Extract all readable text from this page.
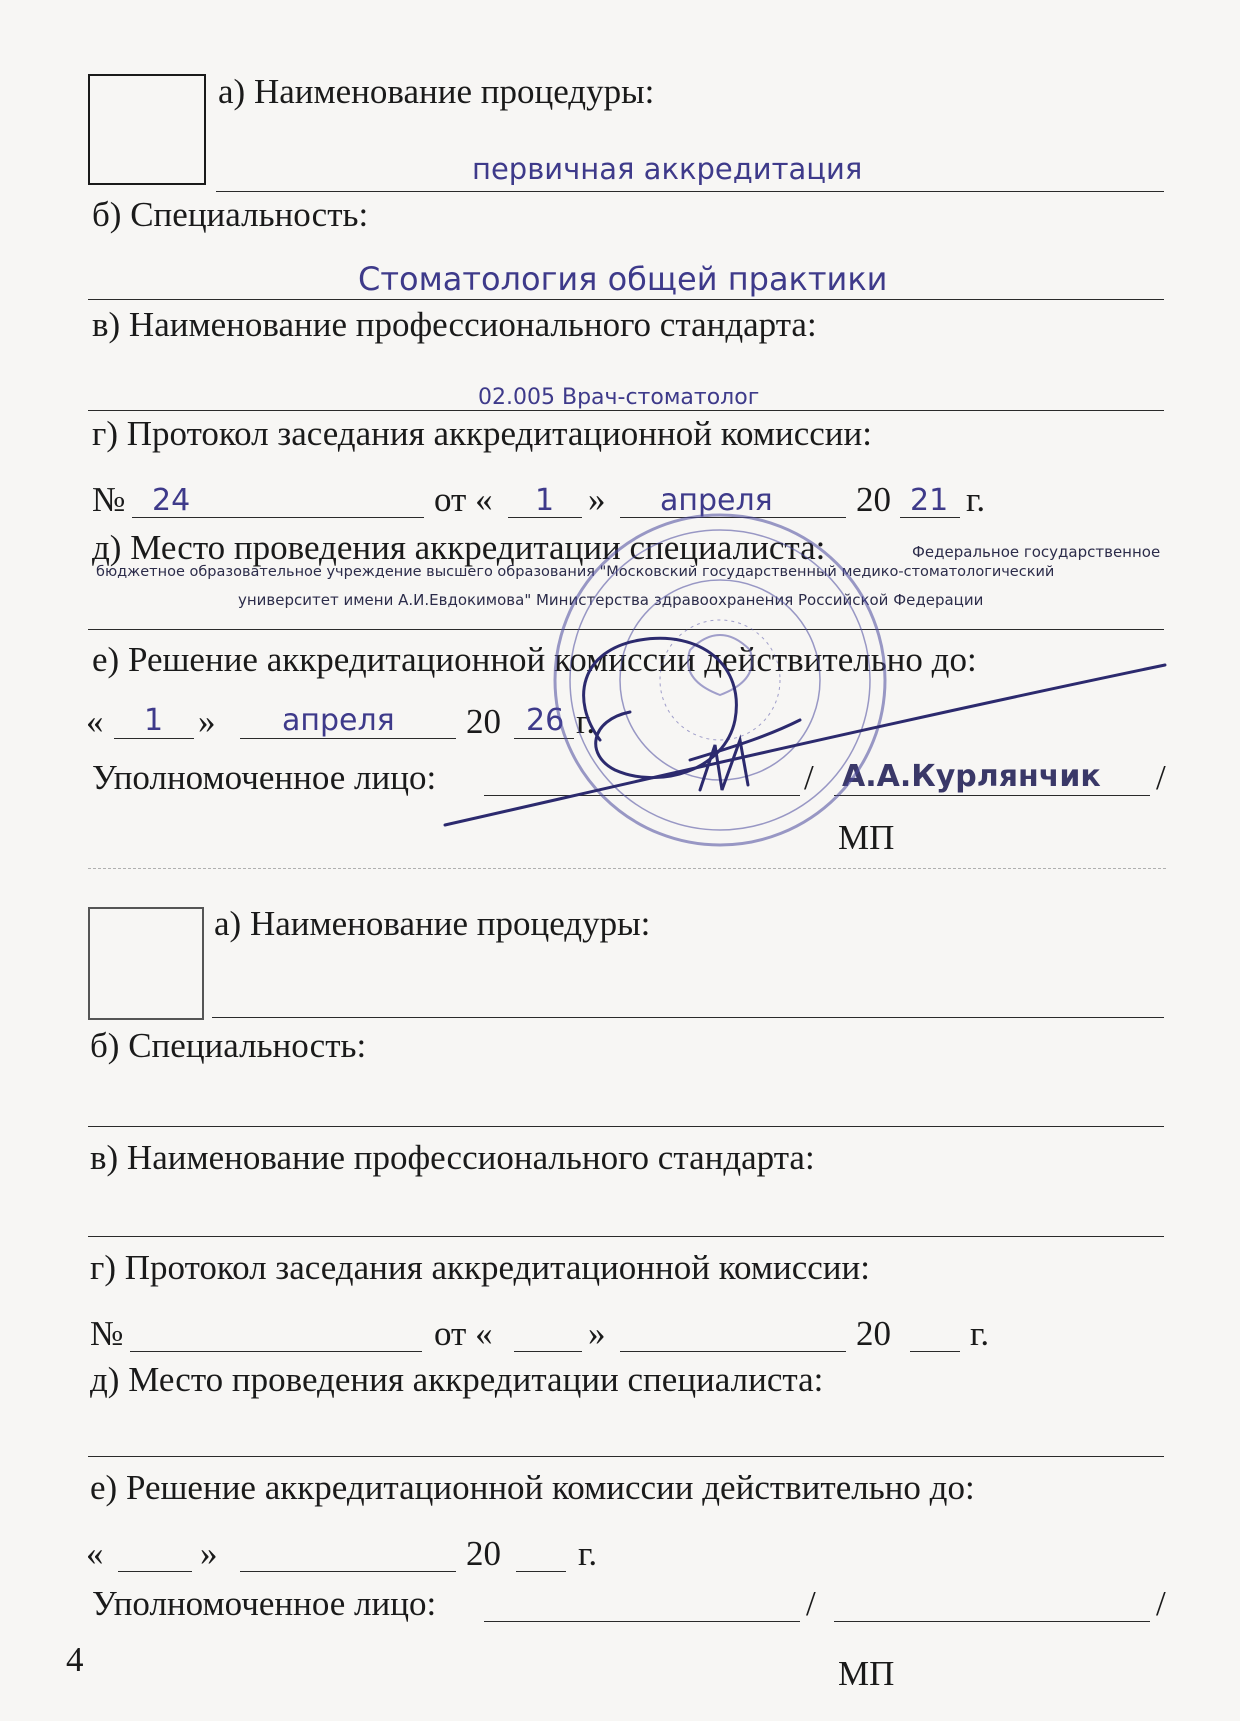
а) Наименование процедуры:
первичная аккредитация
б) Специальность:
Стоматология общей практики
в) Наименование профессионального стандарта:
02.005 Врач-стоматолог
г) Протокол заседания аккредитационной комиссии:
№ 24	от « 1 » апреля 20 21 г.
д) Место проведения аккредитации специалиста:	Федеральное государственное
бюджетное образовательное учреждение высшего образования "Московский государственный медико-стоматологический
университет имени А.И.Евдокимова" Министерства здравоохранения Российской Федерации
е) Решение аккредитационной комиссии действительно до:
« 1 » апреля 20 26 г.
Уполномоченное лицо:	/ А.А.Курлянчик /
МП
а) Наименование процедуры:
б) Специальность:
в) Наименование профессионального стандарта:
г) Протокол заседания аккредитационной комиссии:
№	от «	»	20 г.
д) Место проведения аккредитации специалиста:
е) Решение аккредитационной комиссии действительно до:
«	»	20 г.
Уполномоченное лицо:	/	/
4	МП
